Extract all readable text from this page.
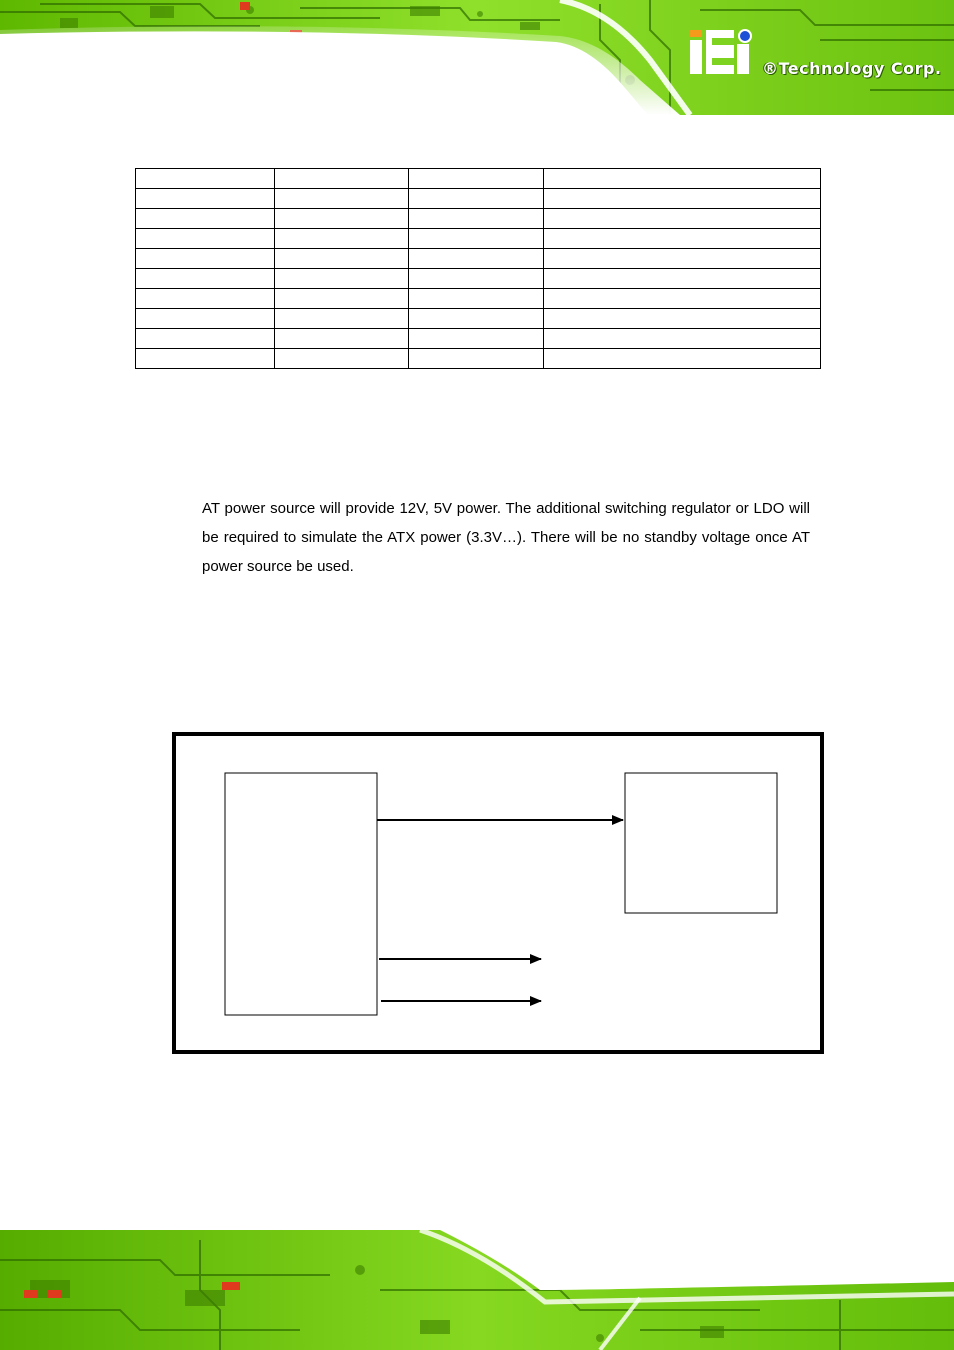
®Technology Corp.

AT power source will provide 12V, 5V power. The additional switching regulator or LDO will be required to simulate the ATX power (3.3V…). There will be no standby voltage once AT power source be used.
